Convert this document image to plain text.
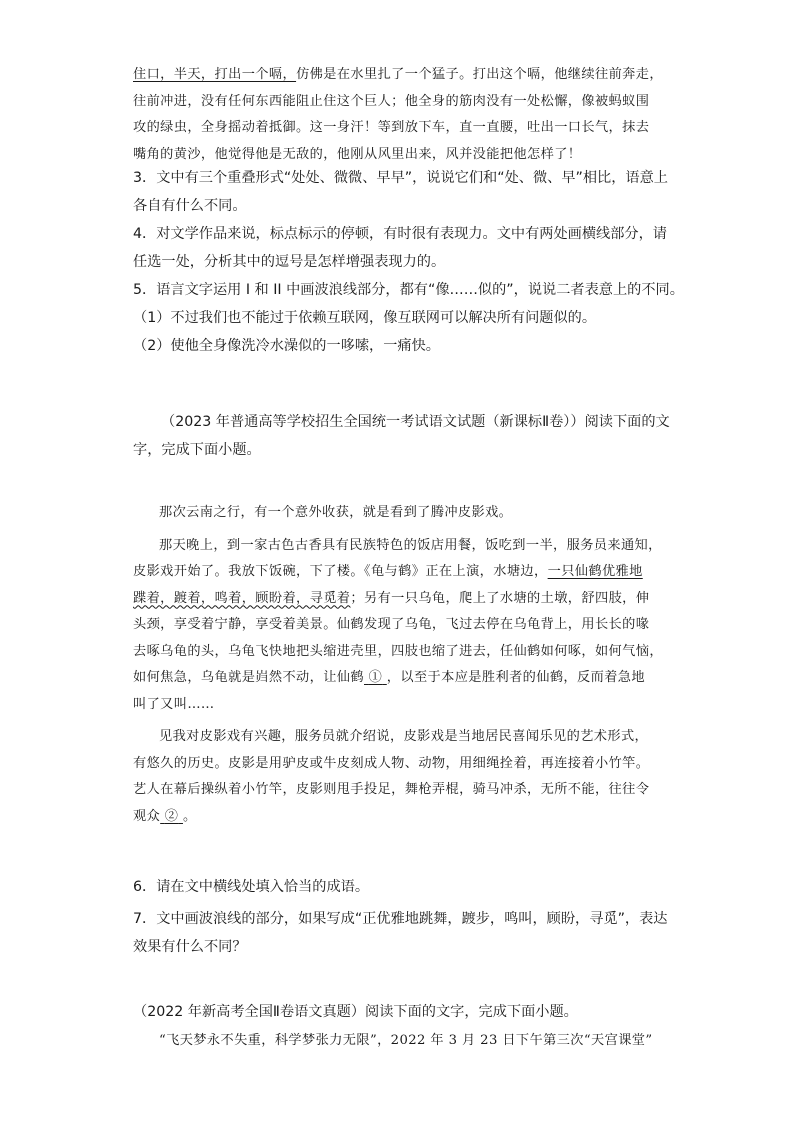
住口，半天，打出一个嗝，仿佛是在水里扎了一个猛子。打出这个嗝，他继续往前奔走，
往前冲进，没有任何东西能阻止住这个巨人；他全身的筋肉没有一处松懈，像被蚂蚁围
攻的绿虫，全身摇动着抵御。这一身汗！等到放下车，直一直腰，吐出一口长气，抹去
嘴角的黄沙，他觉得他是无敌的，他刚从风里出来，风并没能把他怎样了！
3．文中有三个重叠形式“处处、微微、早早”，说说它们和“处、微、早”相比，语意上
各自有什么不同。
4．对文学作品来说，标点标示的停顿，有时很有表现力。文中有两处画横线部分，请
任选一处，分析其中的逗号是怎样增强表现力的。
5．语言文字运用 I 和 II 中画波浪线部分，都有“像……似的”，说说二者表意上的不同。
（1）不过我们也不能过于依赖互联网，像互联网可以解决所有问题似的。
（2）使他全身像洗冷水澡似的一哆嗦，一痛快。
（2023 年普通高等学校招生全国统一考试语文试题（新课标Ⅱ卷））阅读下面的文
字，完成下面小题。
那次云南之行，有一个意外收获，就是看到了腾冲皮影戏。
那天晚上，到一家古色古香具有民族特色的饭店用餐，饭吃到一半，服务员来通知，
皮影戏开始了。我放下饭碗，下了楼。《龟与鹤》正在上演，水塘边，一只仙鹤优雅地
蹀着，踱着，鸣着，顾盼着，寻觅着；另有一只乌龟，爬上了水塘的土墩，舒四肢，伸
头颈，享受着宁静，享受着美景。仙鹤发现了乌龟，飞过去停在乌龟背上，用长长的喙
去啄乌龟的头，乌龟飞快地把头缩进壳里，四肢也缩了进去，任仙鹤如何啄，如何气恼，
如何焦急，乌龟就是岿然不动，让仙鹤 ① ，以至于本应是胜利者的仙鹤，反而着急地
叫了又叫……
见我对皮影戏有兴趣，服务员就介绍说，皮影戏是当地居民喜闻乐见的艺术形式，
有悠久的历史。皮影是用驴皮或牛皮刻成人物、动物，用细绳拴着，再连接着小竹竿。
艺人在幕后操纵着小竹竿，皮影则甩手投足，舞枪弄棍，骑马冲杀，无所不能，往往令
观众 ② 。
6．请在文中横线处填入恰当的成语。
7．文中画波浪线的部分，如果写成“正优雅地跳舞，踱步，鸣叫，顾盼，寻觅”，表达
效果有什么不同？
（2022 年新高考全国Ⅱ卷语文真题）阅读下面的文字，完成下面小题。
“飞天梦永不失重，科学梦张力无限”，2022 年 3 月 23 日下午第三次“天宫课堂”
